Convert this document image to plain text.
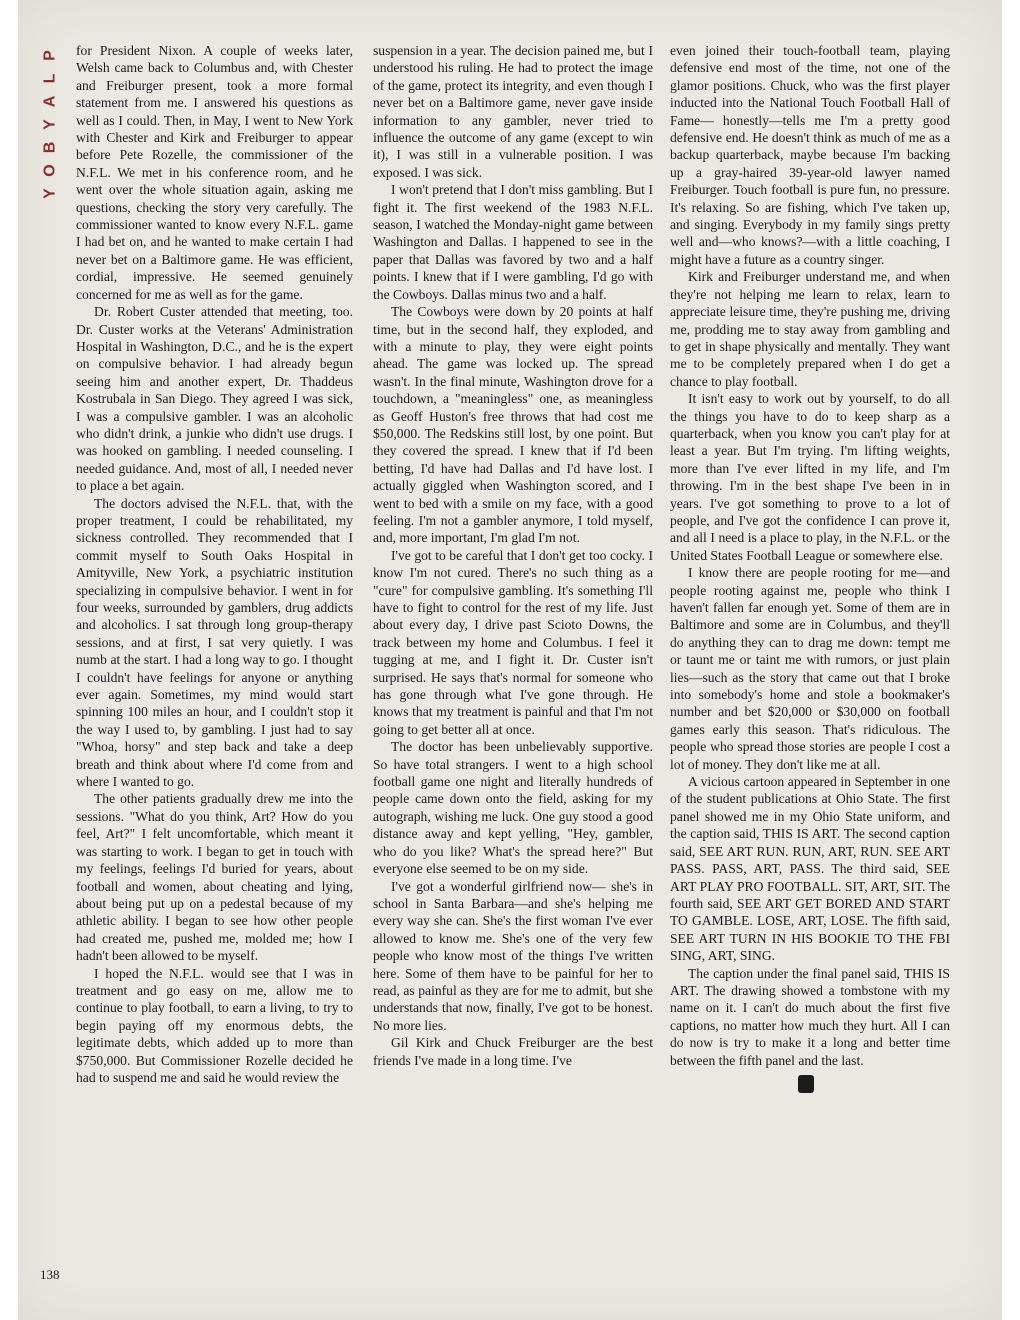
P
L
A
Y
B
O
Y

for President Nixon. A couple of weeks later, Welsh came back to Columbus and, with Chester and Freiburger present, took a more formal statement from me. I answered his questions as well as I could. Then, in May, I went to New York with Chester and Kirk and Freiburger to appear before Pete Rozelle, the commissioner of the N.F.L. We met in his conference room, and he went over the whole situation again, asking me questions, checking the story very carefully. The commissioner wanted to know every N.F.L. game I had bet on, and he wanted to make certain I had never bet on a Baltimore game. He was efficient, cordial, impressive. He seemed genuinely concerned for me as well as for the game.

Dr. Robert Custer attended that meeting, too. Dr. Custer works at the Veterans' Administration Hospital in Washington, D.C., and he is the expert on compulsive behavior. I had already begun seeing him and another expert, Dr. Thaddeus Kostrubala in San Diego. They agreed I was sick, I was a compulsive gambler. I was an alcoholic who didn't drink, a junkie who didn't use drugs. I was hooked on gambling. I needed counseling. I needed guidance. And, most of all, I needed never to place a bet again.

The doctors advised the N.F.L. that, with the proper treatment, I could be rehabilitated, my sickness controlled. They recommended that I commit myself to South Oaks Hospital in Amityville, New York, a psychiatric institution specializing in compulsive behavior. I went in for four weeks, surrounded by gamblers, drug addicts and alcoholics. I sat through long group-therapy sessions, and at first, I sat very quietly. I was numb at the start. I had a long way to go. I thought I couldn't have feelings for anyone or anything ever again. Sometimes, my mind would start spinning 100 miles an hour, and I couldn't stop it the way I used to, by gambling. I just had to say "Whoa, horsy" and step back and take a deep breath and think about where I'd come from and where I wanted to go.

The other patients gradually drew me into the sessions. "What do you think, Art? How do you feel, Art?" I felt uncomfortable, which meant it was starting to work. I began to get in touch with my feelings, feelings I'd buried for years, about football and women, about cheating and lying, about being put up on a pedestal because of my athletic ability. I began to see how other people had created me, pushed me, molded me; how I hadn't been allowed to be myself.

I hoped the N.F.L. would see that I was in treatment and go easy on me, allow me to continue to play football, to earn a living, to try to begin paying off my enormous debts, the legitimate debts, which added up to more than $750,000. But Commissioner Rozelle decided he had to suspend me and said he would review the

suspension in a year. The decision pained me, but I understood his ruling. He had to protect the image of the game, protect its integrity, and even though I never bet on a Baltimore game, never gave inside information to any gambler, never tried to influence the outcome of any game (except to win it), I was still in a vulnerable position. I was exposed. I was sick.

I won't pretend that I don't miss gambling. But I fight it. The first weekend of the 1983 N.F.L. season, I watched the Monday-night game between Washington and Dallas. I happened to see in the paper that Dallas was favored by two and a half points. I knew that if I were gambling, I'd go with the Cowboys. Dallas minus two and a half.

The Cowboys were down by 20 points at half time, but in the second half, they exploded, and with a minute to play, they were eight points ahead. The game was locked up. The spread wasn't. In the final minute, Washington drove for a touchdown, a "meaningless" one, as meaningless as Geoff Huston's free throws that had cost me $50,000. The Redskins still lost, by one point. But they covered the spread. I knew that if I'd been betting, I'd have had Dallas and I'd have lost. I actually giggled when Washington scored, and I went to bed with a smile on my face, with a good feeling. I'm not a gambler anymore, I told myself, and, more important, I'm glad I'm not.

I've got to be careful that I don't get too cocky. I know I'm not cured. There's no such thing as a "cure" for compulsive gambling. It's something I'll have to fight to control for the rest of my life. Just about every day, I drive past Scioto Downs, the track between my home and Columbus. I feel it tugging at me, and I fight it. Dr. Custer isn't surprised. He says that's normal for someone who has gone through what I've gone through. He knows that my treatment is painful and that I'm not going to get better all at once.

The doctor has been unbelievably supportive. So have total strangers. I went to a high school football game one night and literally hundreds of people came down onto the field, asking for my autograph, wishing me luck. One guy stood a good distance away and kept yelling, "Hey, gambler, who do you like? What's the spread here?" But everyone else seemed to be on my side.

I've got a wonderful girlfriend now— she's in school in Santa Barbara—and she's helping me every way she can. She's the first woman I've ever allowed to know me. She's one of the very few people who know most of the things I've written here. Some of them have to be painful for her to read, as painful as they are for me to admit, but she understands that now, finally, I've got to be honest. No more lies.

Gil Kirk and Chuck Freiburger are the best friends I've made in a long time. I've

even joined their touch-football team, playing defensive end most of the time, not one of the glamor positions. Chuck, who was the first player inducted into the National Touch Football Hall of Fame— honestly—tells me I'm a pretty good defensive end. He doesn't think as much of me as a backup quarterback, maybe because I'm backing up a gray-haired 39-year-old lawyer named Freiburger. Touch football is pure fun, no pressure. It's relaxing. So are fishing, which I've taken up, and singing. Everybody in my family sings pretty well and—who knows?—with a little coaching, I might have a future as a country singer.

Kirk and Freiburger understand me, and when they're not helping me learn to relax, learn to appreciate leisure time, they're pushing me, driving me, prodding me to stay away from gambling and to get in shape physically and mentally. They want me to be completely prepared when I do get a chance to play football.

It isn't easy to work out by yourself, to do all the things you have to do to keep sharp as a quarterback, when you know you can't play for at least a year. But I'm trying. I'm lifting weights, more than I've ever lifted in my life, and I'm throwing. I'm in the best shape I've been in in years. I've got something to prove to a lot of people, and I've got the confidence I can prove it, and all I need is a place to play, in the N.F.L. or the United States Football League or somewhere else.

I know there are people rooting for me—and people rooting against me, people who think I haven't fallen far enough yet. Some of them are in Baltimore and some are in Columbus, and they'll do anything they can to drag me down: tempt me or taunt me or taint me with rumors, or just plain lies—such as the story that came out that I broke into somebody's home and stole a bookmaker's number and bet $20,000 or $30,000 on football games early this season. That's ridiculous. The people who spread those stories are people I cost a lot of money. They don't like me at all.

A vicious cartoon appeared in September in one of the student publications at Ohio State. The first panel showed me in my Ohio State uniform, and the caption said, THIS IS ART. The second caption said, SEE ART RUN. RUN, ART, RUN. SEE ART PASS. PASS, ART, PASS. The third said, SEE ART PLAY PRO FOOTBALL. SIT, ART, SIT. The fourth said, SEE ART GET BORED AND START TO GAMBLE. LOSE, ART, LOSE. The fifth said, SEE ART TURN IN HIS BOOKIE TO THE FBI SING, ART, SING.

The caption under the final panel said, THIS IS ART. The drawing showed a tombstone with my name on it. I can't do much about the first five captions, no matter how much they hurt. All I can do now is try to make it a long and better time between the fifth panel and the last.

138
